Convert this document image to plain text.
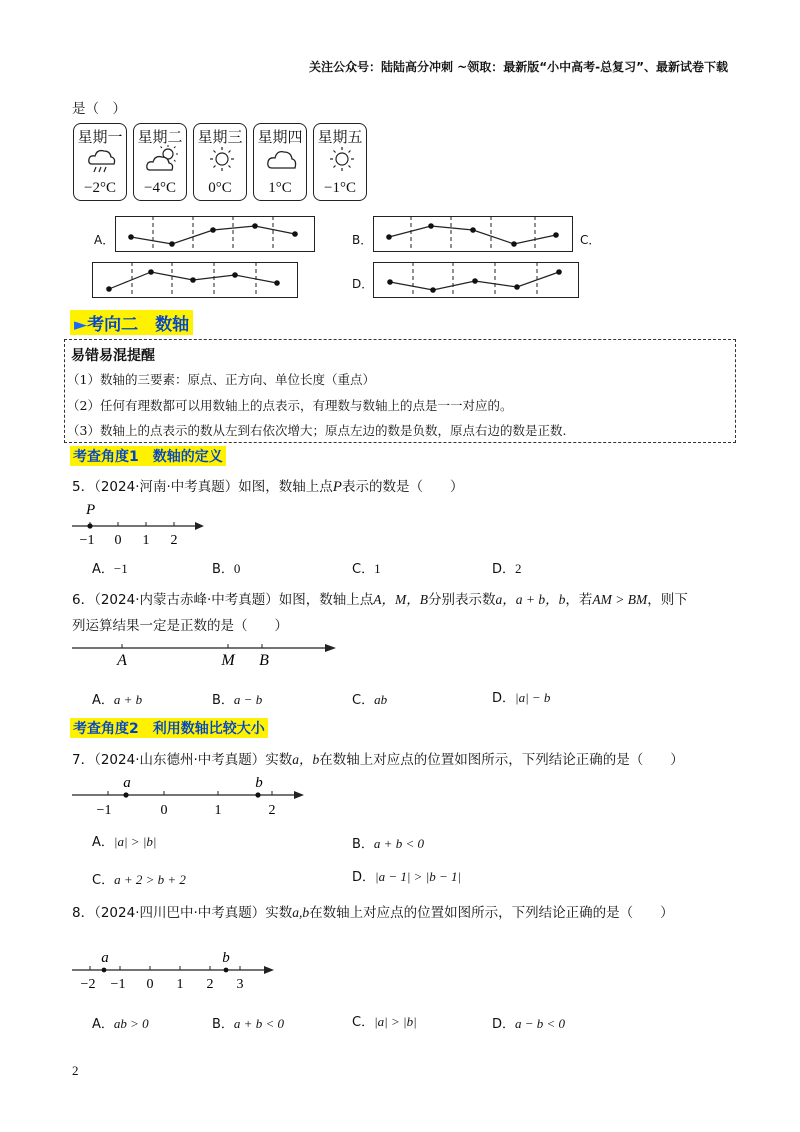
关注公众号：陆陆高分冲刺 ~领取：最新版“小中高考-总复习”、最新试卷下载
是（　）
星期一
−2°C
星期二
−4°C
星期三
0°C
星期四
1°C
星期五
−1°C
A．	B．	C．
D．
►考向二　数轴
易错易混提醒
（1）数轴的三要素：原点、正方向、单位长度（重点）
（2）任何有理数都可以用数轴上的点表示，有理数与数轴上的点是一一对应的。
（3）数轴上的点表示的数从左到右依次增大；原点左边的数是负数，原点右边的数是正数.
考查角度1　数轴的定义
5．（2024·河南·中考真题）如图，数轴上点P表示的数是（　　）
P
−1 0 1 2
A．−1	B．0	C．1	D．2
6．（2024·内蒙古赤峰·中考真题）如图，数轴上点A，M，B分别表示数a，a + b，b，若AM > BM，则下
列运算结果一定是正数的是（　　）
A	M B
A．a + b	B．a − b	C．ab	D．|a| − b
考查角度2　利用数轴比较大小
7．（2024·山东德州·中考真题）实数a，b在数轴上对应点的位置如图所示，下列结论正确的是（　　）
a	b
−1	0	1	2
A．|a| > |b|	B．a + b < 0
C．a + 2 > b + 2	D．|a − 1| > |b − 1|
8．（2024·四川巴中·中考真题）实数a,b在数轴上对应点的位置如图所示，下列结论正确的是（　　）
a	b
−2 −1 0 1 2 3
A．ab > 0	B．a + b < 0	C．|a| > |b|	D．a − b < 0
2
